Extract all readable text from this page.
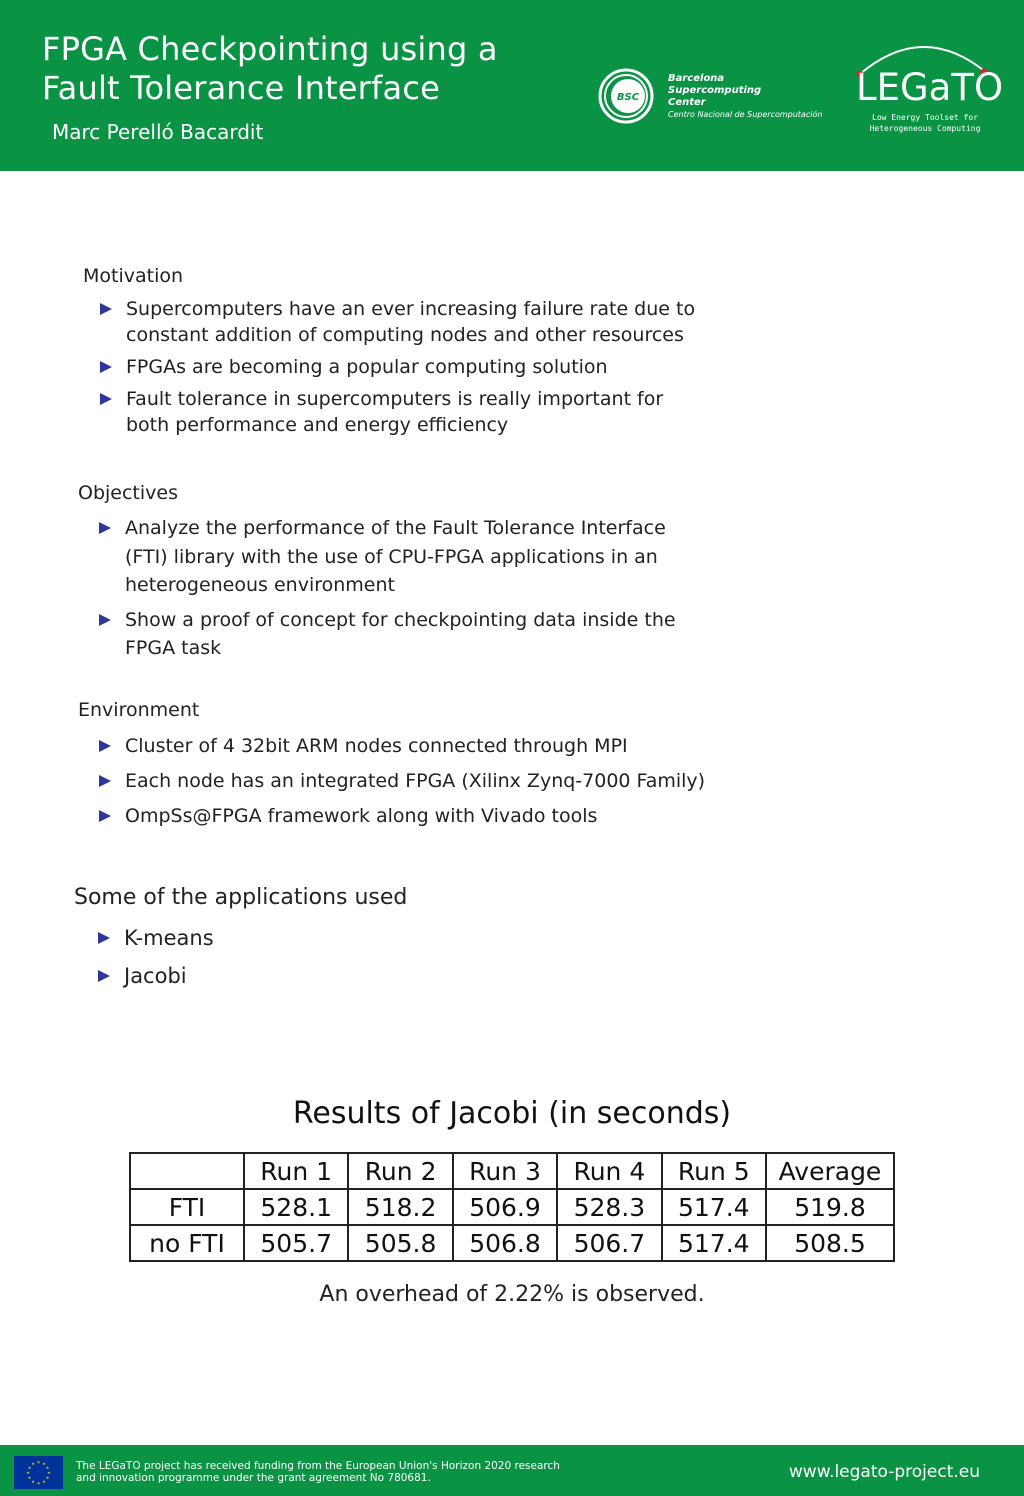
FPGA Checkpointing using a
Fault Tolerance Interface
Marc Perelló Bacardit
BSC
Barcelona
Supercomputing
Center
Centro Nacional de Supercomputación
LEGaTO
Low Energy Toolset for
Heterogeneous Computing
Motivation
Supercomputers have an ever increasing failure rate due to constant addition of computing nodes and other resources
FPGAs are becoming a popular computing solution
Fault tolerance in supercomputers is really important for both performance and energy efficiency
Objectives
Analyze the performance of the Fault Tolerance Interface (FTI) library with the use of CPU-FPGA applications in an heterogeneous environment
Show a proof of concept for checkpointing data inside the FPGA task
Environment
Cluster of 4 32bit ARM nodes connected through MPI
Each node has an integrated FPGA (Xilinx Zynq-7000 Family)
OmpSs@FPGA framework along with Vivado tools
Some of the applications used
K-means
Jacobi
Results of Jacobi (in seconds)
	Run 1	Run 2	Run 3	Run 4	Run 5	Average
FTI	528.1	518.2	506.9	528.3	517.4	519.8
no FTI	505.7	505.8	506.8	506.7	517.4	508.5
An overhead of 2.22% is observed.
★ ★
★
★
★
★
★
★
★
★
★
★	The LEGaTO project has received funding from the European Union's Horizon 2020 research
and innovation programme under the grant agreement No 780681.	www.legato-project.eu
